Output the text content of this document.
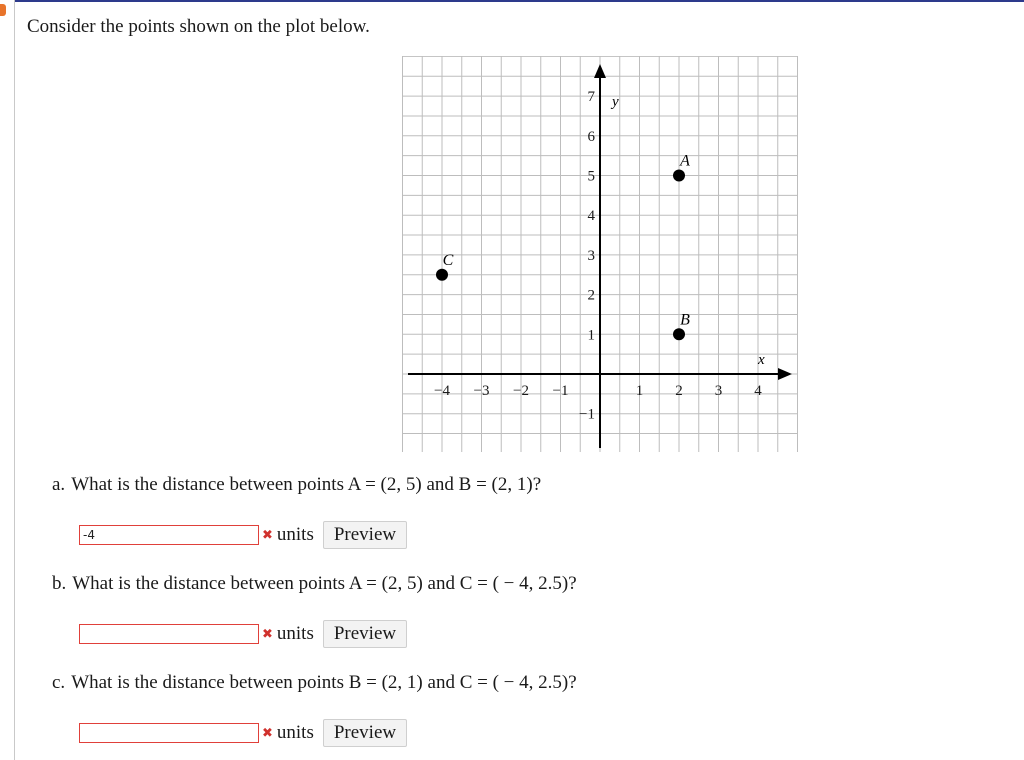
Consider the points shown on the plot below.
x
y
−4 −3 −2 −1	1 2 3 4
−1
1
2
3
4
5
6
7
A
B
C
a. What is the distance between points A = (2, 5) and B = (2, 1)?
-4
✖ units	Preview
b. What is the distance between points A = (2, 5) and C = ( − 4, 2.5)?
✖ units	Preview
c. What is the distance between points B = (2, 1) and C = ( − 4, 2.5)?
✖ units	Preview
